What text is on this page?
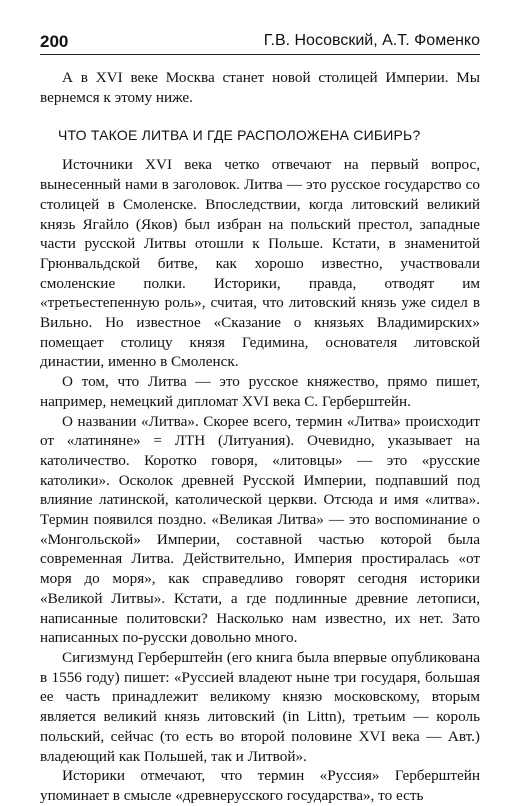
200	Г.В. Носовский, А.Т. Фоменко

А в XVI веке Москва станет новой столицей Империи. Мы вернемся к этому ниже.

ЧТО ТАКОЕ ЛИТВА И ГДЕ РАСПОЛОЖЕНА СИБИРЬ?

Источники XVI века четко отвечают на первый вопрос, вынесенный нами в заголовок. Литва — это русское государство со столицей в Смоленске. Впоследствии, когда литовский великий князь Ягайло (Яков) был избран на польский престол, западные части русской Литвы отошли к Польше. Кстати, в знаменитой Грюнвальдской битве, как хорошо известно, участвовали смоленские полки. Историки, правда, отводят им «третьестепенную роль», считая, что литовский князь уже сидел в Вильно. Но известное «Сказание о князьях Владимирских» помещает столицу князя Гедимина, основателя литовской династии, именно в Смоленск.

О том, что Литва — это русское княжество, прямо пишет, например, немецкий дипломат XVI века С. Герберштейн.

О названии «Литва». Скорее всего, термин «Литва» происходит от «латиняне» = ЛТН (Литуания). Очевидно, указывает на католичество. Коротко говоря, «литовцы» — это «русские католики». Осколок древней Русской Империи, подпавший под влияние латинской, католической церкви. Отсюда и имя «литва». Термин появился поздно. «Великая Литва» — это воспоминание о «Монгольской» Империи, составной частью которой была современная Литва. Действительно, Империя простиралась «от моря до моря», как справедливо говорят сегодня историки «Великой Литвы». Кстати, а где подлинные древние летописи, написанные политовски? Насколько нам известно, их нет. Зато написанных по-русски довольно много.

Сигизмунд Герберштейн (его книга была впервые опубликована в 1556 году) пишет: «Руссией владеют ныне три государя, большая ее часть принадлежит великому князю московскому, вторым является великий князь литовский (in Littn), третьим — король польский, сейчас (то есть во второй половине XVI века — Авт.) владеющий как Польшей, так и Литвой».

Историки отмечают, что термин «Руссия» Герберштейн упоминает в смысле «древнерусского государства», то есть
